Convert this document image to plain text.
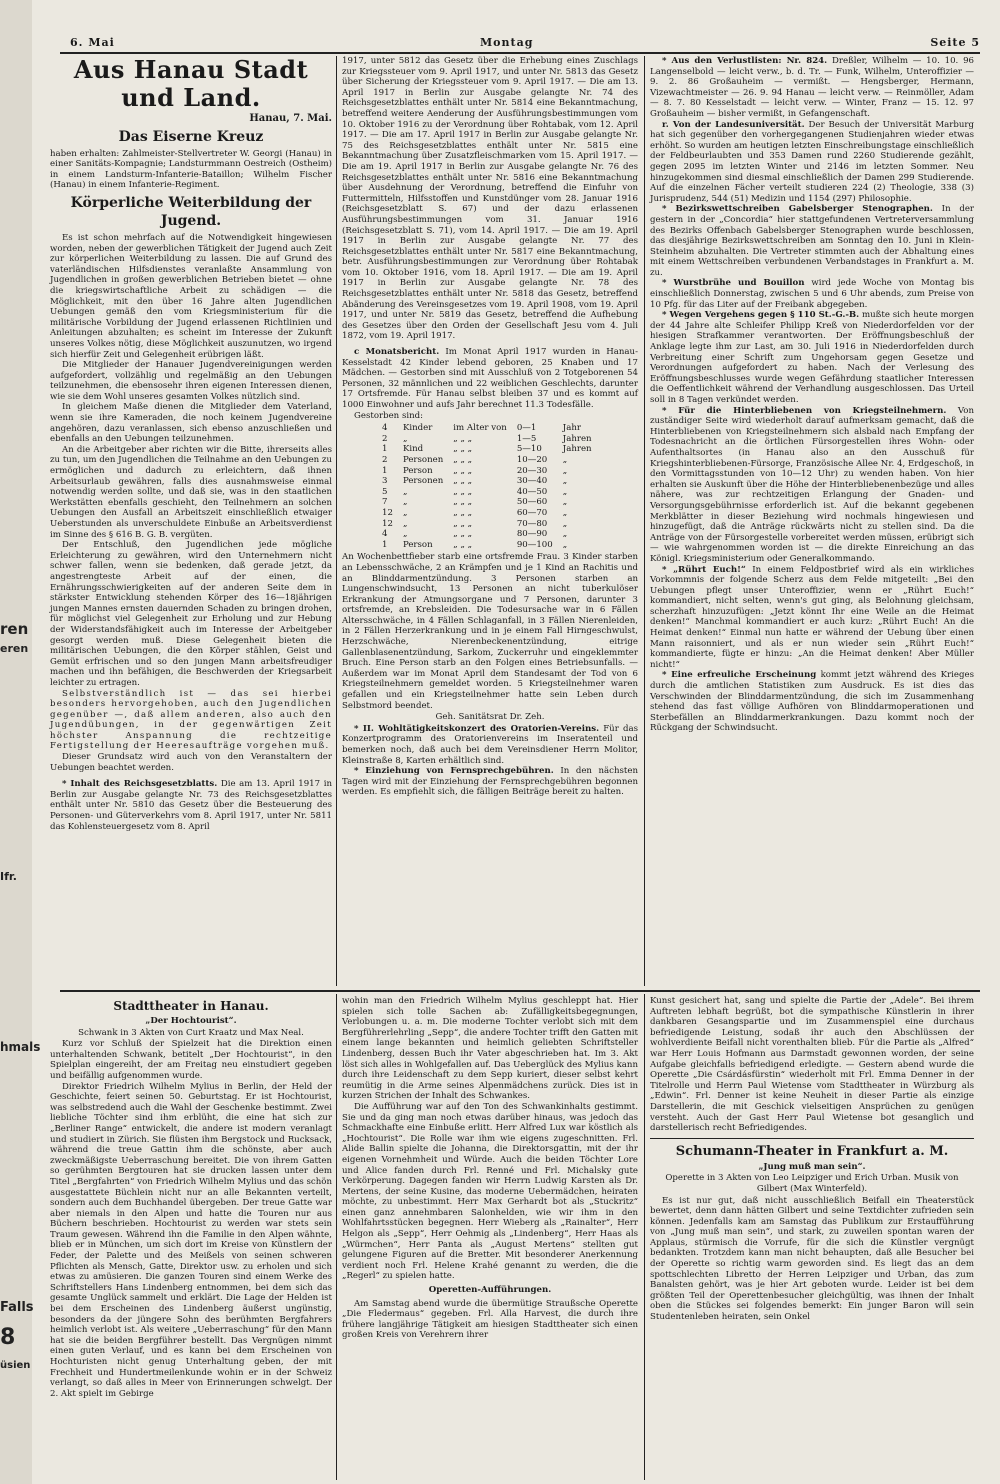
ren
eren
Ifr.
hmals
Falls
8
üsien
6. Mai	Montag	Seite 5
Aus Hanau Stadt und Land.
Hanau, 7. Mai.
Das Eiserne Kreuz

haben erhalten: Zahlmeister-Stellvertreter W. Georgi (Hanau) in einer Sanitäts-Kompagnie; Landsturmmann Oestreich (Ostheim) in einem Landsturm-Infanterie-Bataillon; Wilhelm Fischer (Hanau) in einem Infanterie-Regiment.

Körperliche Weiterbildung der Jugend.

Es ist schon mehrfach auf die Notwendigkeit hingewiesen worden, neben der gewerblichen Tätigkeit der Jugend auch Zeit zur körperlichen Weiterbildung zu lassen. Die auf Grund des vaterländischen Hilfsdienstes veranlaßte Ansammlung von Jugendlichen in großen gewerblichen Betrieben bietet — ohne die kriegswirtschaftliche Arbeit zu schädigen — die Möglichkeit, mit den über 16 Jahre alten Jugendlichen Uebungen gemäß den vom Kriegsministerium für die militärische Vorbildung der Jugend erlassenen Richtlinien und Anleitungen abzuhalten; es scheint im Interesse der Zukunft unseres Volkes nötig, diese Möglichkeit auszunutzen, wo irgend sich hierfür Zeit und Gelegenheit erübrigen läßt.

Die Mitglieder der Hanauer Jugendvereinigungen werden aufgefordert, vollzählig und regelmäßig an den Uebungen teilzunehmen, die ebensosehr ihren eigenen Interessen dienen, wie sie dem Wohl unseres gesamten Volkes nützlich sind.

In gleichem Maße dienen die Mitglieder dem Vaterland, wenn sie ihre Kameraden, die noch keinem Jugendvereine angehören, dazu veranlassen, sich ebenso anzuschließen und ebenfalls an den Uebungen teilzunehmen.

An die Arbeitgeber aber richten wir die Bitte, ihrerseits alles zu tun, um den Jugendlichen die Teilnahme an den Uebungen zu ermöglichen und dadurch zu erleichtern, daß ihnen Arbeitsurlaub gewähren, falls dies ausnahmsweise einmal notwendig werden sollte, und daß sie, was in den staatlichen Werkstätten ebenfalls geschieht, den Teilnehmern an solchen Uebungen den Ausfall an Arbeitszeit einschließlich etwaiger Ueberstunden als unverschuldete Einbuße an Arbeitsverdienst im Sinne des § 616 B. G. B. vergüten.

Der Entschluß, den Jugendlichen jede mögliche Erleichterung zu gewähren, wird den Unternehmern nicht schwer fallen, wenn sie bedenken, daß gerade jetzt, da angestrengteste Arbeit auf der einen, die Ernährungsschwierigkeiten auf der anderen Seite dem in stärkster Entwicklung stehenden Körper des 16—18jährigen jungen Mannes ernsten dauernden Schaden zu bringen drohen, für möglichst viel Gelegenheit zur Erholung und zur Hebung der Widerstandsfähigkeit auch im Interesse der Arbeitgeber gesorgt werden muß. Diese Gelegenheit bieten die militärischen Uebungen, die den Körper stählen, Geist und Gemüt erfrischen und so den jungen Mann arbeitsfreudiger machen und ihn befähigen, die Beschwerden der Kriegsarbeit leichter zu ertragen.

Selbstverständlich ist — das sei hierbei besonders hervorgehoben, auch den Jugendlichen gegenüber —, daß allem anderen, also auch den Jugendübungen, in der gegenwärtigen Zeit höchster Anspannung die rechtzeitige Fertigstellung der Heeresaufträge vorgehen muß.

Dieser Grundsatz wird auch von den Veranstaltern der Uebungen beachtet werden.

* Inhalt des Reichsgesetzblatts. Die am 13. April 1917 in Berlin zur Ausgabe gelangte Nr. 73 des Reichsgesetzblattes enthält unter Nr. 5810 das Gesetz über die Besteuerung des Personen- und Güterverkehrs vom 8. April 1917, unter Nr. 5811 das Kohlensteuergesetz vom 8. April

1917, unter 5812 das Gesetz über die Erhebung eines Zuschlags zur Kriegssteuer vom 9. April 1917, und unter Nr. 5813 das Gesetz über Sicherung der Kriegssteuer vom 9. April 1917. — Die am 13. April 1917 in Berlin zur Ausgabe gelangte Nr. 74 des Reichsgesetzblattes enthält unter Nr. 5814 eine Bekanntmachung, betreffend weitere Aenderung der Ausführungsbestimmungen vom 10. Oktober 1916 zu der Verordnung über Rohtabak, vom 12. April 1917. — Die am 17. April 1917 in Berlin zur Ausgabe gelangte Nr. 75 des Reichsgesetzblattes enthält unter Nr. 5815 eine Bekanntmachung über Zusatzfleischmarken vom 15. April 1917. — Die am 19. April 1917 in Berlin zur Ausgabe gelangte Nr. 76 des Reichsgesetzblattes enthält unter Nr. 5816 eine Bekanntmachung über Ausdehnung der Verordnung, betreffend die Einfuhr von Futtermitteln, Hilfsstoffen und Kunstdünger vom 28. Januar 1916 (Reichsgesetzblatt S. 67) und der dazu erlassenen Ausführungsbestimmungen vom 31. Januar 1916 (Reichsgesetzblatt S. 71), vom 14. April 1917. — Die am 19. April 1917 in Berlin zur Ausgabe gelangte Nr. 77 des Reichsgesetzblattes enthält unter Nr. 5817 eine Bekanntmachung, betr. Ausführungsbestimmungen zur Verordnung über Rohtabak vom 10. Oktober 1916, vom 18. April 1917. — Die am 19. April 1917 in Berlin zur Ausgabe gelangte Nr. 78 des Reichsgesetzblattes enthält unter Nr. 5818 das Gesetz, betreffend Abänderung des Vereinsgesetzes vom 19. April 1908, vom 19. April 1917, und unter Nr. 5819 das Gesetz, betreffend die Aufhebung des Gesetzes über den Orden der Gesellschaft Jesu vom 4. Juli 1872, vom 19. April 1917.

c Monatsbericht. Im Monat April 1917 wurden in Hanau-Kesselstadt 42 Kinder lebend geboren, 25 Knaben und 17 Mädchen. — Gestorben sind mit Ausschluß von 2 Totgeborenen 54 Personen, 32 männlichen und 22 weiblichen Geschlechts, darunter 17 Ortsfremde. Für Hanau selbst bleiben 37 und es kommt auf 1000 Einwohner und aufs Jahr berechnet 11.3 Todesfälle.

Gestorben sind:

4	Kinder	im Alter von	0—1	Jahr
2	„	„ „ „	1—5	Jahren
1	Kind	„ „ „	5—10	Jahren
2	Personen	„ „ „	10—20	„
1	Person	„ „ „	20—30	„
3	Personen	„ „ „	30—40	„
5	„	„ „ „	40—50	„
7	„	„ „ „	50—60	„
12	„	„ „ „	60—70	„
12	„	„ „ „	70—80	„
4	„	„ „ „	80—90	„
1	Person	„ „ „	90—100	„

An Wochenbettfieber starb eine ortsfremde Frau. 3 Kinder starben an Lebensschwäche, 2 an Krämpfen und je 1 Kind an Rachitis und an Blinddarmentzündung. 3 Personen starben an Lungenschwindsucht, 13 Personen an nicht tuberkulöser Erkrankung der Atmungsorgane und 7 Personen, darunter 3 ortsfremde, an Krebsleiden. Die Todesursache war in 6 Fällen Altersschwäche, in 4 Fällen Schlaganfall, in 3 Fällen Nierenleiden, in 2 Fällen Herzerkrankung und in je einem Fall Hirngeschwulst, Herzschwäche, Nierenbeckenentzündung, eitrige Gallenblasenentzündung, Sarkom, Zuckerruhr und eingeklemmter Bruch. Eine Person starb an den Folgen eines Betriebsunfalls. — Außerdem war im Monat April dem Standesamt der Tod von 6 Kriegsteilnehmern gemeldet worden. 5 Kriegsteilnehmer waren gefallen und ein Kriegsteilnehmer hatte sein Leben durch Selbstmord beendet.

Geh. Sanitätsrat Dr. Zeh.

* II. Wohltätigkeitskonzert des Oratorien-Vereins. Für das Konzertprogramm des Oratorienvereins im Inseratenteil und bemerken noch, daß auch bei dem Vereinsdiener Herrn Molitor, Kleinstraße 8, Karten erhältlich sind.

* Einziehung von Fernsprechgebühren. In den nächsten Tagen wird mit der Einziehung der Fernsprechgebühren begonnen werden. Es empfiehlt sich, die fälligen Beiträge bereit zu halten.

* Aus den Verlustlisten: Nr. 824. Dreßler, Wilhelm — 10. 10. 96 Langenselbold — leicht verw., b. d. Tr. — Funk, Wilhelm, Unteroffizier — 9. 2. 86 Großauheim — vermißt. — Hengsberger, Hermann, Vizewachtmeister — 26. 9. 94 Hanau — leicht verw. — Reinmöller, Adam — 8. 7. 80 Kesselstadt — leicht verw. — Winter, Franz — 15. 12. 97 Großauheim — bisher vermißt, in Gefangenschaft.

r. Von der Landesuniversität. Der Besuch der Universität Marburg hat sich gegenüber den vorhergegangenen Studienjahren wieder etwas erhöht. So wurden am heutigen letzten Einschreibungstage einschließlich der Feldbeurlaubten und 353 Damen rund 2260 Studierende gezählt, gegen 2095 im letzten Winter und 2146 im letzten Sommer. Neu hinzugekommen sind diesmal einschließlich der Damen 299 Studierende. Auf die einzelnen Fächer verteilt studieren 224 (2) Theologie, 338 (3) Jurisprudenz, 544 (51) Medizin und 1154 (297) Philosophie.

* Bezirkswettschreiben Gabelsberger Stenographen. In der gestern in der „Concordia“ hier stattgefundenen Vertreterversammlung des Bezirks Offenbach Gabelsberger Stenographen wurde beschlossen, das diesjährige Bezirkswettschreiben am Sonntag den 10. Juni in Klein-Steinheim abzuhalten. Die Vertreter stimmten auch der Abhaltung eines mit einem Wettschreiben verbundenen Verbandstages in Frankfurt a. M. zu.

* Wurstbrühe und Bouillon wird jede Woche von Montag bis einschließlich Donnerstag, zwischen 5 und 6 Uhr abends, zum Preise von 10 Pfg. für das Liter auf der Freibank abgegeben.

* Wegen Vergehens gegen § 110 St.-G.-B. mußte sich heute morgen der 44 Jahre alte Schleifer Philipp Kreß von Niederdorfelden vor der hiesigen Strafkammer verantworten. Der Eröffnungsbeschluß der Anklage legte ihm zur Last, am 30. Juli 1916 in Niederdorfelden durch Verbreitung einer Schrift zum Ungehorsam gegen Gesetze und Verordnungen aufgefordert zu haben. Nach der Verlesung des Eröffnungsbeschlusses wurde wegen Gefährdung staatlicher Interessen die Oeffentlichkeit während der Verhandlung ausgeschlossen. Das Urteil soll in 8 Tagen verkündet werden.

* Für die Hinterbliebenen von Kriegsteilnehmern. Von zuständiger Seite wird wiederholt darauf aufmerksam gemacht, daß die Hinterbliebenen von Kriegsteilnehmern sich alsbald nach Empfang der Todesnachricht an die örtlichen Fürsorgestellen ihres Wohn- oder Aufenthaltsortes (in Hanau also an den Ausschuß für Kriegshinterbliebenen-Fürsorge, Französische Allee Nr. 4, Erdgeschoß, in den Vormittagsstunden von 10—12 Uhr) zu wenden haben. Von hier erhalten sie Auskunft über die Höhe der Hinterbliebenenbezüge und alles nähere, was zur rechtzeitigen Erlangung der Gnaden- und Versorgungsgebührnisse erforderlich ist. Auf die bekannt gegebenen Merkblätter in dieser Beziehung wird nochmals hingewiesen und hinzugefügt, daß die Anträge rückwärts nicht zu stellen sind. Da die Anträge von der Fürsorgestelle vorbereitet werden müssen, erübrigt sich — wie wahrgenommen worden ist — die direkte Einreichung an das Königl. Kriegsministerium oder Generalkommando.

* „Rührt Euch!“ In einem Feldpostbrief wird als ein wirkliches Vorkommnis der folgende Scherz aus dem Felde mitgeteilt: „Bei den Uebungen pflegt unser Unteroffizier, wenn er „Rührt Euch!“ kommandiert, nicht selten, wenn's gut ging, als Belohnung gleichsam, scherzhaft hinzuzufügen: „Jetzt könnt Ihr eine Weile an die Heimat denken!“ Manchmal kommandiert er auch kurz: „Rührt Euch! An die Heimat denken!“ Einmal nun hatte er während der Uebung über einen Mann raisonniert, und als er nun wieder sein „Rührt Euch!“ kommandierte, fügte er hinzu: „An die Heimat denken! Aber Müller nicht!“

* Eine erfreuliche Erscheinung kommt jetzt während des Krieges durch die amtlichen Statistiken zum Ausdruck. Es ist dies das Verschwinden der Blinddarmentzündung, die sich im Zusammenhang stehend das fast völlige Aufhören von Blinddarmoperationen und Sterbefällen an Blinddarmerkrankungen. Dazu kommt noch der Rückgang der Schwindsucht.

Stadttheater in Hanau.
„Der Hochtourist“.
Schwank in 3 Akten von Curt Kraatz und Max Neal.

Kurz vor Schluß der Spielzeit hat die Direktion einen unterhaltenden Schwank, betitelt „Der Hochtourist“, in den Spielplan eingereiht, der am Freitag neu einstudiert gegeben und beifällig aufgenommen wurde.

Direktor Friedrich Wilhelm Mylius in Berlin, der Held der Geschichte, feiert seinen 50. Geburtstag. Er ist Hochtourist, was selbstredend auch die Wahl der Geschenke bestimmt. Zwei liebliche Töchter sind ihm erblüht, die eine hat sich zur „Berliner Range“ entwickelt, die andere ist modern veranlagt und studiert in Zürich. Sie flüsten ihm Bergstock und Rucksack, während die treue Gattin ihm die schönste, aber auch zweckmäßigste Ueberraschung bereitet. Die von ihrem Gatten so gerühmten Bergtouren hat sie drucken lassen unter dem Titel „Bergfahrten“ von Friedrich Wilhelm Mylius und das schön ausgestattete Büchlein nicht nur an alle Bekannten verteilt, sondern auch dem Buchhandel übergeben. Der treue Gatte war aber niemals in den Alpen und hatte die Touren nur aus Büchern beschrieben. Hochtourist zu werden war stets sein Traum gewesen. Während ihn die Familie in den Alpen wähnte, blieb er in München, um sich dort im Kreise von Künstlern der Feder, der Palette und des Meißels von seinen schweren Pflichten als Mensch, Gatte, Direktor usw. zu erholen und sich etwas zu amüsieren. Die ganzen Touren sind einem Werke des Schriftstellers Hans Lindenberg entnommen, bei dem sich das gesamte Unglück sammelt und erklärt. Die Lage der Helden ist bei dem Erscheinen des Lindenberg äußerst ungünstig, besonders da der jüngere Sohn des berühmten Bergfahrers heimlich verlobt ist. Als weitere „Ueberraschung“ für den Mann hat sie die beiden Bergführer bestellt. Das Vergnügen nimmt einen guten Verlauf, und es kann bei dem Erscheinen von Hochturisten nicht genug Unterhaltung geben, der mit Frechheit und Hundertmeilenkunde wohin er in der Schweiz verlangt, so daß alles in Meer von Erinnerungen schwelgt. Der 2. Akt spielt im Gebirge

wohin man den Friedrich Wilhelm Mylius geschleppt hat. Hier spielen sich tolle Sachen ab: Zufälligkeitsbegegnungen, Verlobungen u. a. m. Die moderne Tochter verlobt sich mit dem Bergführerlehrling „Sepp“, die andere Tochter trifft den Gatten mit einem lange bekannten und heimlich geliebten Schriftsteller Lindenberg, dessen Buch ihr Vater abgeschrieben hat. Im 3. Akt löst sich alles in Wohlgefallen auf. Das Ueberglück des Mylius kann durch ihre Leidenschaft zu dem Sepp kuriert, dieser selbst kehrt reumütig in die Arme seines Alpenmädchens zurück. Dies ist in kurzen Strichen der Inhalt des Schwankes.

Die Aufführung war auf den Ton des Schwankinhalts gestimmt. Sie und da ging man noch etwas darüber hinaus, was jedoch das Schmackhafte eine Einbuße erlitt. Herr Alfred Lux war köstlich als „Hochtourist“. Die Rolle war ihm wie eigens zugeschnitten. Frl. Alide Ballin spielte die Johanna, die Direktorsgattin, mit der ihr eigenen Vornehmheit und Würde. Auch die beiden Töchter Lore und Alice fanden durch Frl. Renné und Frl. Michalsky gute Verkörperung. Dagegen fanden wir Herrn Ludwig Karsten als Dr. Mertens, der seine Kusine, das moderne Uebermädchen, heiraten möchte, zu unbestimmt. Herr Max Gerhardt bot als „Stuckritz“ einen ganz annehmbaren Salonhelden, wie wir ihm in den Wohlfahrtsstücken begegnen. Herr Wieberg als „Rainalter“, Herr Helgon als „Sepp“, Herr Oehmig als „Lindenberg“, Herr Haas als „Würmchen“, Herr Panta als „August Mertens“ stellten gut gelungene Figuren auf die Bretter. Mit besonderer Anerkennung verdient noch Frl. Helene Krahé genannt zu werden, die die „Regerl“ zu spielen hatte.

Operetten-Aufführungen.

Am Samstag abend wurde die übermütige Straußsche Operette „Die Fledermaus“ gegeben. Frl. Alla Harvest, die durch ihre frühere langjährige Tätigkeit am hiesigen Stadttheater sich einen großen Kreis von Verehrern ihrer

Kunst gesichert hat, sang und spielte die Partie der „Adele“. Bei ihrem Auftreten lebhaft begrüßt, bot die sympathische Künstlerin in ihrer dankbaren Gesangspartie und im Zusammenspiel eine durchaus befriedigende Leistung, sodaß ihr auch den Abschlüssen der wohlverdiente Beifall nicht vorenthalten blieb. Für die Partie als „Alfred“ war Herr Louis Hofmann aus Darmstadt gewonnen worden, der seine Aufgabe gleichfalls befriedigend erledigte. — Gestern abend wurde die Operette „Die Csárdásfürstin“ wiederholt mit Frl. Emma Denner in der Titelrolle und Herrn Paul Wietense vom Stadttheater in Würzburg als „Edwin“. Frl. Denner ist keine Neuheit in dieser Partie als einzige Darstellerin, die mit Geschick vielseitigen Ansprüchen zu genügen versteht. Auch der Gast Herr Paul Wietense bot gesanglich und darstellerisch recht Befriedigendes.

Schumann-Theater in Frankfurt a. M.
„Jung muß man sein“.
Operette in 3 Akten von Leo Leipziger und Erich Urban. Musik von Gilbert (Max Winterfeld).

Es ist nur gut, daß nicht ausschließlich Beifall ein Theaterstück bewertet, denn dann hätten Gilbert und seine Textdichter zufrieden sein können. Jedenfalls kam am Samstag das Publikum zur Erstaufführung von „Jung muß man sein“, und stark, zu zuweilen spontan waren der Applaus, stürmisch die Vorrufe, für die sich die Künstler vergnügt bedankten. Trotzdem kann man nicht behaupten, daß alle Besucher bei der Operette so richtig warm geworden sind. Es liegt das an dem spottschlechten Libretto der Herren Leipziger und Urban, das zum Banalsten gehört, was je hier Art geboten wurde. Leider ist bei dem größten Teil der Operettenbesucher gleichgültig, was ihnen der Inhalt oben die Stückes sei folgendes bemerkt: Ein junger Baron will sein Studentenleben heiraten, sein Onkel
